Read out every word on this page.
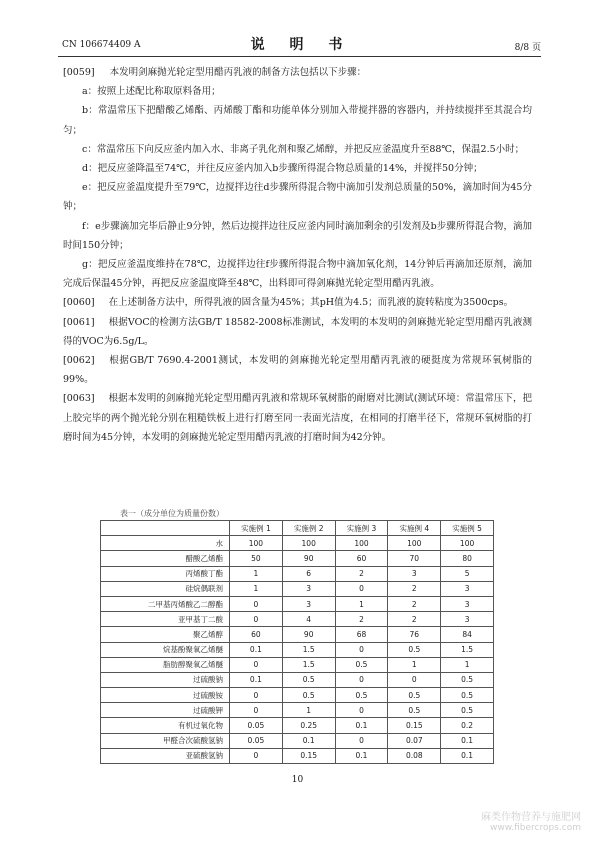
CN 106674409 A	说 明 书	8/8 页

[0059] 本发明剑麻抛光轮定型用醋丙乳液的制备方法包括以下步骤：

a：按照上述配比称取原料备用；

b：常温常压下把醋酸乙烯酯、丙烯酸丁酯和功能单体分别加入带搅拌器的容器内，并持续搅拌至其混合均匀；

c：常温常压下向反应釜内加入水、非离子乳化剂和聚乙烯醇，并把反应釜温度升至88℃，保温2.5小时；

d：把反应釜降温至74℃，并往反应釜内加入b步骤所得混合物总质量的14%，并搅拌50分钟；

e：把反应釜温度提升至79℃，边搅拌边往d步骤所得混合物中滴加引发剂总质量的50%，滴加时间为45分钟；

f：e步骤滴加完毕后静止9分钟，然后边搅拌边往反应釜内同时滴加剩余的引发剂及b步骤所得混合物，滴加时间150分钟；

g：把反应釜温度维持在78℃，边搅拌边往f步骤所得混合物中滴加氧化剂，14分钟后再滴加还原剂，滴加完成后保温45分钟，再把反应釜温度降至48℃，出料即可得剑麻抛光轮定型用醋丙乳液。

[0060] 在上述制备方法中，所得乳液的固含量为45%；其pH值为4.5；而乳液的旋转粘度为3500cps。

[0061] 根据VOC的检测方法GB/T 18582-2008标准测试，本发明的本发明的剑麻抛光轮定型用醋丙乳液测得的VOC为6.5g/L。

[0062] 根据GB/T 7690.4-2001测试，本发明的剑麻抛光轮定型用醋丙乳液的硬挺度为常规环氧树脂的99%。

[0063] 根据本发明的剑麻抛光轮定型用醋丙乳液和常规环氧树脂的耐磨对比测试(测试环境：常温常压下，把上胶完毕的两个抛光轮分别在粗糙铁板上进行打磨至同一表面光洁度，在相同的打磨半径下，常规环氧树脂的打磨时间为45分钟，本发明的剑麻抛光轮定型用醋丙乳液的打磨时间为42分钟。

表一（成分单位为质量份数）
	实施例 1	实施例 2	实施例 3	实施例 4	实施例 5
水	100	100	100	100	100
醋酸乙烯酯	50	90	60	70	80
丙烯酸丁酯	1	6	2	3	5
硅烷偶联剂	1	3	0	2	3
二甲基丙烯酸乙二醇酯	0	3	1	2	3
亚甲基丁二酸	0	4	2	2	3
聚乙烯醇	60	90	68	76	84
烷基酚聚氧乙烯醚	0.1	1.5	0	0.5	1.5
脂肪醇聚氧乙烯醚	0	1.5	0.5	1	1
过硫酸钠	0.1	0.5	0	0	0.5
过硫酸铵	0	0.5	0.5	0.5	0.5
过硫酸钾	0	1	0	0.5	0.5
有机过氧化物	0.05	0.25	0.1	0.15	0.2
甲醛合次硫酸氢钠	0.05	0.1	0	0.07	0.1
亚硫酸氢钠	0	0.15	0.1	0.08	0.1
10
麻类作物营养与施肥网
www.fibercrops.com
